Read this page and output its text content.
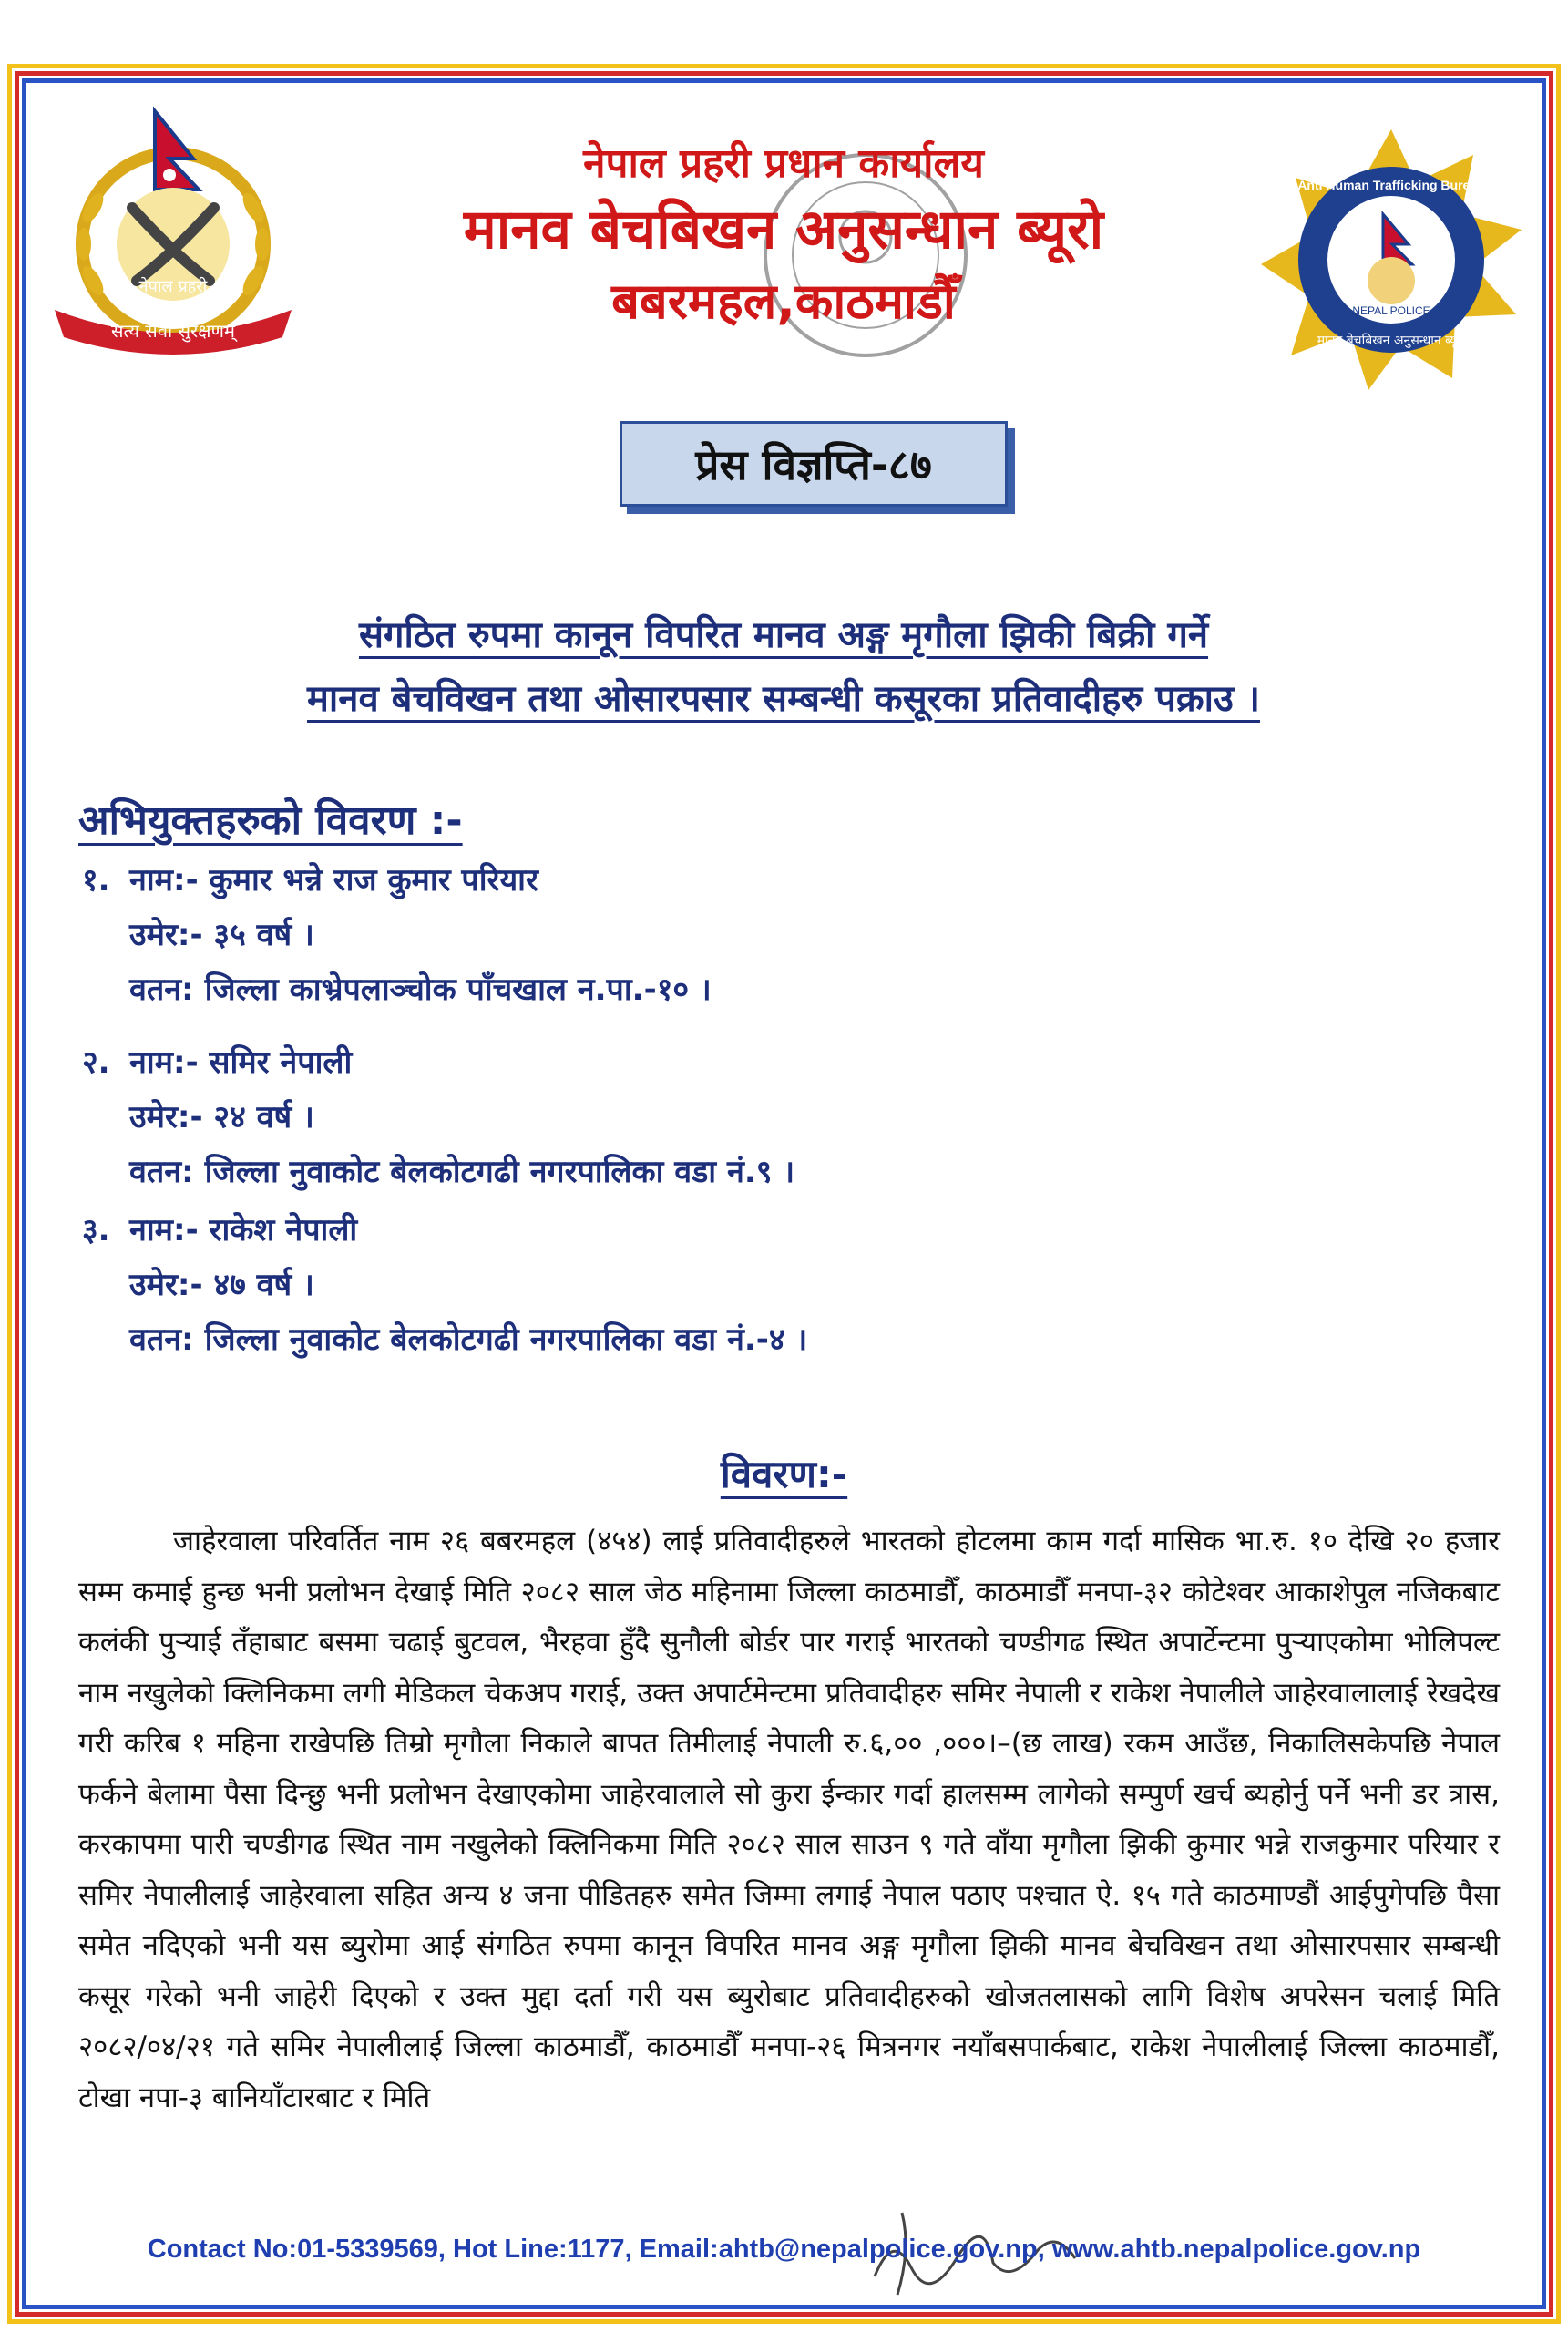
नेपाल प्रहरी
सत्य सेवा सुरक्षणम्
नेपाल प्रहरी प्रधान कार्यालय
मानव बेचबिखन अनुसन्धान ब्यूरो
बबरमहल,काठमाडौँ
Anti Human Trafficking Bureau
NEPAL POLICE
मानव बेचबिखन अनुसन्धान ब्यूरो
प्रेस विज्ञप्ति-८७
संगठित रुपमा कानून विपरित मानव अङ्ग मृगौला झिकी बिक्री गर्ने
मानव बेचविखन तथा ओसारपसार सम्बन्धी कसूरका प्रतिवादीहरु पक्राउ ।
अभियुक्तहरुको विवरण :-
१. नाम:- कुमार भन्ने राज कुमार परियार
उमेर:- ३५ वर्ष ।
वतन: जिल्ला काभ्रेपलाञ्चोक पाँचखाल न.पा.-१० ।
२. नाम:- समिर नेपाली
उमेर:- २४ वर्ष ।
वतन: जिल्ला नुवाकोट बेलकोटगढी नगरपालिका वडा नं.९ ।
३. नाम:- राकेश नेपाली
उमेर:- ४७ वर्ष ।
वतन: जिल्ला नुवाकोट बेलकोटगढी नगरपालिका वडा नं.-४ ।
विवरण:-
जाहेरवाला परिवर्तित नाम २६ बबरमहल (४५४) लाई प्रतिवादीहरुले भारतको होटलमा काम गर्दा मासिक भा.रु. १० देखि २० हजार सम्म कमाई हुन्छ भनी प्रलोभन देखाई मिति २०८२ साल जेठ महिनामा जिल्ला काठमाडौँ, काठमाडौँ मनपा-३२ कोटेश्वर आकाशेपुल नजिकबाट कलंकी पुऱ्याई तँहाबाट बसमा चढाई बुटवल, भैरहवा हुँदै सुनौली बोर्डर पार गराई भारतको चण्डीगढ स्थित अपार्टेन्टमा पुऱ्याएकोमा भोलिपल्ट नाम नखुलेको क्लिनिकमा लगी मेडिकल चेकअप गराई, उक्त अपार्टमेन्टमा प्रतिवादीहरु समिर नेपाली र राकेश नेपालीले जाहेरवालालाई रेखदेख गरी करिब १ महिना राखेपछि तिम्रो मृगौला निकाले बापत तिमीलाई नेपाली रु.६,०० ,०००।–(छ लाख) रकम आउँछ, निकालिसकेपछि नेपाल फर्कने बेलामा पैसा दिन्छु भनी प्रलोभन देखाएकोमा जाहेरवालाले सो कुरा ईन्कार गर्दा हालसम्म लागेको सम्पुर्ण खर्च ब्यहोर्नु पर्ने भनी डर त्रास, करकापमा पारी चण्डीगढ स्थित नाम नखुलेको क्लिनिकमा मिति २०८२ साल साउन ९ गते वाँया मृगौला झिकी कुमार भन्ने राजकुमार परियार र समिर नेपालीलाई जाहेरवाला सहित अन्य ४ जना पीडितहरु समेत जिम्मा लगाई नेपाल पठाए पश्चात ऐ. १५ गते काठमाण्डौं आईपुगेपछि पैसा समेत नदिएको भनी यस ब्युरोमा आई संगठित रुपमा कानून विपरित मानव अङ्ग मृगौला झिकी मानव बेचविखन तथा ओसारपसार सम्बन्धी कसूर गरेको भनी जाहेरी दिएको र उक्त मुद्दा दर्ता गरी यस ब्युरोबाट प्रतिवादीहरुको खोजतलासको लागि विशेष अपरेसन चलाई मिति २०८२/०४/२१ गते समिर नेपालीलाई जिल्ला काठमाडौँ, काठमाडौँ मनपा-२६ मित्रनगर नयाँबसपार्कबाट, राकेश नेपालीलाई जिल्ला काठमाडौँ, टोखा नपा-३ बानियाँटारबाट र मिति
Contact No:01-5339569, Hot Line:1177, Email:ahtb@nepalpolice.gov.np, www.ahtb.nepalpolice.gov.np
